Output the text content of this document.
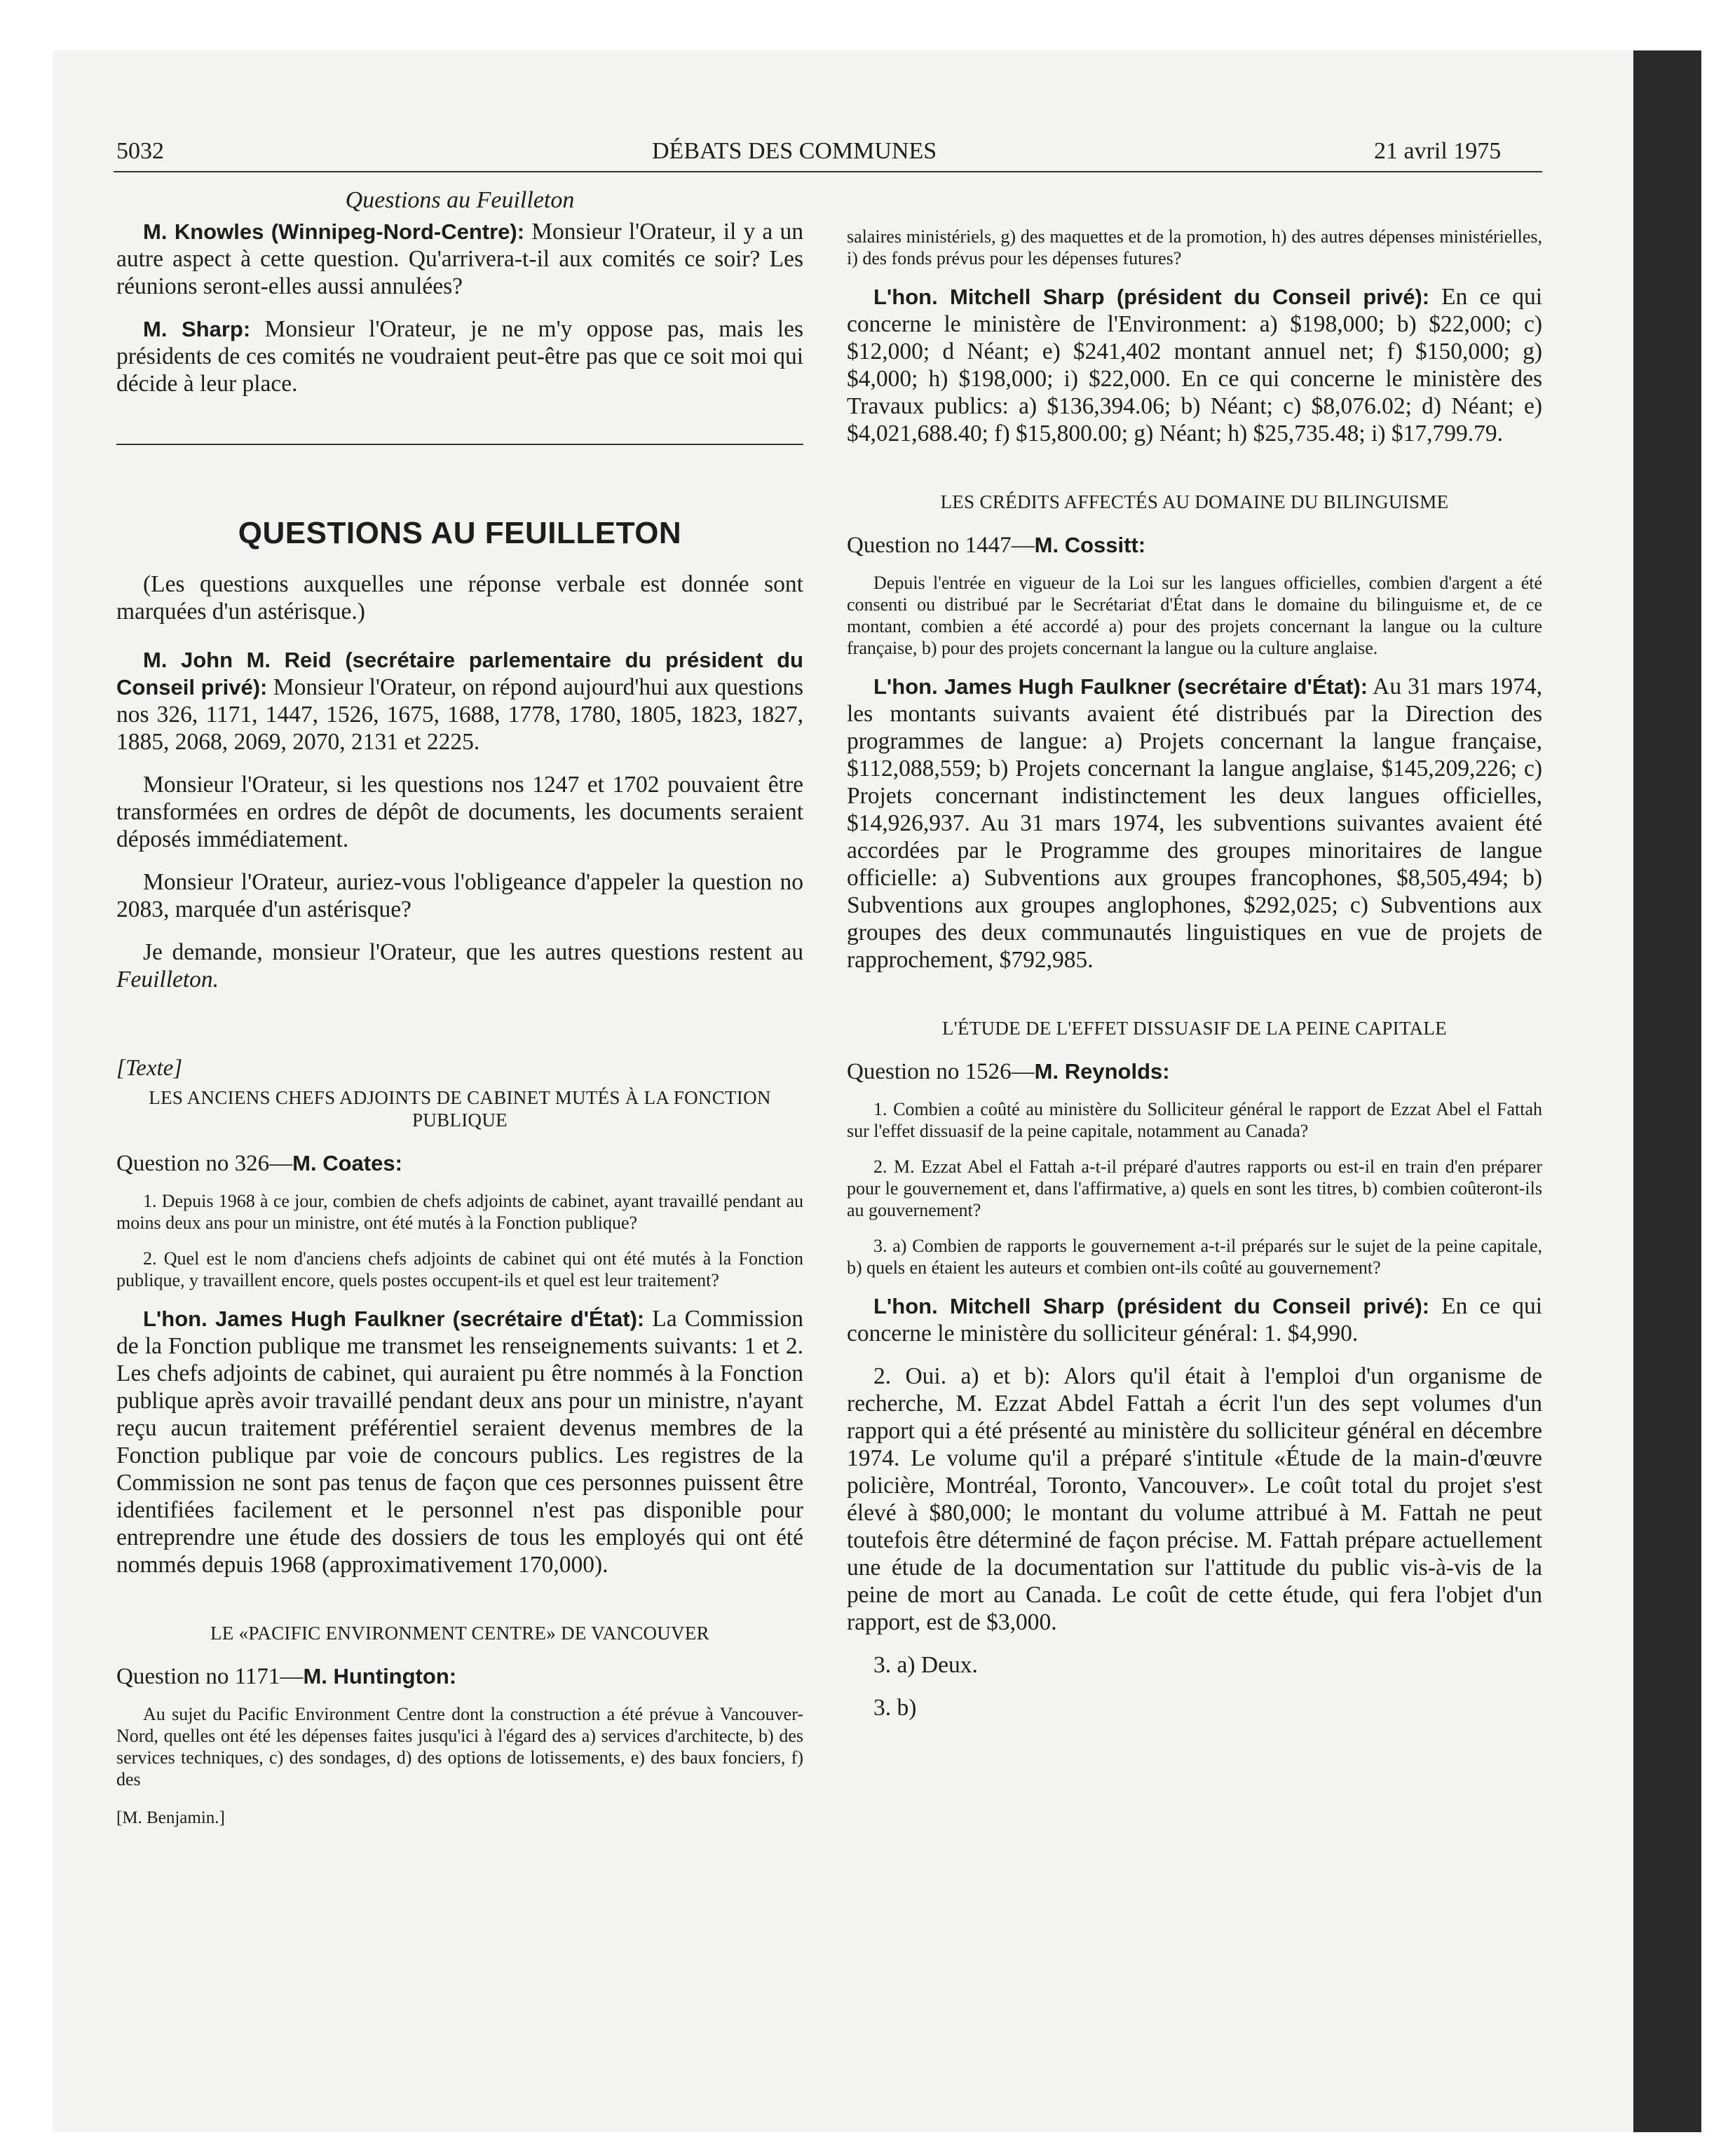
5032	DÉBATS DES COMMUNES	21 avril 1975
Questions au Feuilleton

M. Knowles (Winnipeg-Nord-Centre): Monsieur l'Orateur, il y a un autre aspect à cette question. Qu'arrivera-t-il aux comités ce soir? Les réunions seront-elles aussi annulées?

M. Sharp: Monsieur l'Orateur, je ne m'y oppose pas, mais les présidents de ces comités ne voudraient peut-être pas que ce soit moi qui décide à leur place.

QUESTIONS AU FEUILLETON

(Les questions auxquelles une réponse verbale est donnée sont marquées d'un astérisque.)

M. John M. Reid (secrétaire parlementaire du président du Conseil privé): Monsieur l'Orateur, on répond aujourd'hui aux questions nos 326, 1171, 1447, 1526, 1675, 1688, 1778, 1780, 1805, 1823, 1827, 1885, 2068, 2069, 2070, 2131 et 2225.

Monsieur l'Orateur, si les questions nos 1247 et 1702 pouvaient être transformées en ordres de dépôt de documents, les documents seraient déposés immédiatement.

Monsieur l'Orateur, auriez-vous l'obligeance d'appeler la question no 2083, marquée d'un astérisque?

Je demande, monsieur l'Orateur, que les autres questions restent au Feuilleton.

[Texte]
LES ANCIENS CHEFS ADJOINTS DE CABINET MUTÉS À LA FONCTION PUBLIQUE
Question no 326—M. Coates:
1. Depuis 1968 à ce jour, combien de chefs adjoints de cabinet, ayant travaillé pendant au moins deux ans pour un ministre, ont été mutés à la Fonction publique?
2. Quel est le nom d'anciens chefs adjoints de cabinet qui ont été mutés à la Fonction publique, y travaillent encore, quels postes occupent-ils et quel est leur traitement?

L'hon. James Hugh Faulkner (secrétaire d'État): La Commission de la Fonction publique me transmet les renseignements suivants: 1 et 2. Les chefs adjoints de cabinet, qui auraient pu être nommés à la Fonction publique après avoir travaillé pendant deux ans pour un ministre, n'ayant reçu aucun traitement préférentiel seraient devenus membres de la Fonction publique par voie de concours publics. Les registres de la Commission ne sont pas tenus de façon que ces personnes puissent être identifiées facilement et le personnel n'est pas disponible pour entreprendre une étude des dossiers de tous les employés qui ont été nommés depuis 1968 (approximativement 170,000).

LE «PACIFIC ENVIRONMENT CENTRE» DE VANCOUVER
Question no 1171—M. Huntington:
Au sujet du Pacific Environment Centre dont la construction a été prévue à Vancouver-Nord, quelles ont été les dépenses faites jusqu'ici à l'égard des a) services d'architecte, b) des services techniques, c) des sondages, d) des options de lotissements, e) des baux fonciers, f) des
[M. Benjamin.]
salaires ministériels, g) des maquettes et de la promotion, h) des autres dépenses ministérielles, i) des fonds prévus pour les dépenses futures?

L'hon. Mitchell Sharp (président du Conseil privé): En ce qui concerne le ministère de l'Environment: a) $198,000; b) $22,000; c) $12,000; d Néant; e) $241,402 montant annuel net; f) $150,000; g) $4,000; h) $198,000; i) $22,000. En ce qui concerne le ministère des Travaux publics: a) $136,394.06; b) Néant; c) $8,076.02; d) Néant; e) $4,021,688.40; f) $15,800.00; g) Néant; h) $25,735.48; i) $17,799.79.

LES CRÉDITS AFFECTÉS AU DOMAINE DU BILINGUISME
Question no 1447—M. Cossitt:
Depuis l'entrée en vigueur de la Loi sur les langues officielles, combien d'argent a été consenti ou distribué par le Secrétariat d'État dans le domaine du bilinguisme et, de ce montant, combien a été accordé a) pour des projets concernant la langue ou la culture française, b) pour des projets concernant la langue ou la culture anglaise.

L'hon. James Hugh Faulkner (secrétaire d'État): Au 31 mars 1974, les montants suivants avaient été distribués par la Direction des programmes de langue: a) Projets concernant la langue française, $112,088,559; b) Projets concernant la langue anglaise, $145,209,226; c) Projets concernant indistinctement les deux langues officielles, $14,926,937. Au 31 mars 1974, les subventions suivantes avaient été accordées par le Programme des groupes minoritaires de langue officielle: a) Subventions aux groupes francophones, $8,505,494; b) Subventions aux groupes anglophones, $292,025; c) Subventions aux groupes des deux communautés linguistiques en vue de projets de rapprochement, $792,985.

L'ÉTUDE DE L'EFFET DISSUASIF DE LA PEINE CAPITALE
Question no 1526—M. Reynolds:
1. Combien a coûté au ministère du Solliciteur général le rapport de Ezzat Abel el Fattah sur l'effet dissuasif de la peine capitale, notamment au Canada?
2. M. Ezzat Abel el Fattah a-t-il préparé d'autres rapports ou est-il en train d'en préparer pour le gouvernement et, dans l'affirmative, a) quels en sont les titres, b) combien coûteront-ils au gouvernement?
3. a) Combien de rapports le gouvernement a-t-il préparés sur le sujet de la peine capitale, b) quels en étaient les auteurs et combien ont-ils coûté au gouvernement?

L'hon. Mitchell Sharp (président du Conseil privé): En ce qui concerne le ministère du solliciteur général: 1. $4,990.

2. Oui. a) et b): Alors qu'il était à l'emploi d'un organisme de recherche, M. Ezzat Abdel Fattah a écrit l'un des sept volumes d'un rapport qui a été présenté au ministère du solliciteur général en décembre 1974. Le volume qu'il a préparé s'intitule «Étude de la main-d'œuvre policière, Montréal, Toronto, Vancouver». Le coût total du projet s'est élevé à $80,000; le montant du volume attribué à M. Fattah ne peut toutefois être déterminé de façon précise. M. Fattah prépare actuellement une étude de la documentation sur l'attitude du public vis-à-vis de la peine de mort au Canada. Le coût de cette étude, qui fera l'objet d'un rapport, est de $3,000.

3. a) Deux.

3. b)
